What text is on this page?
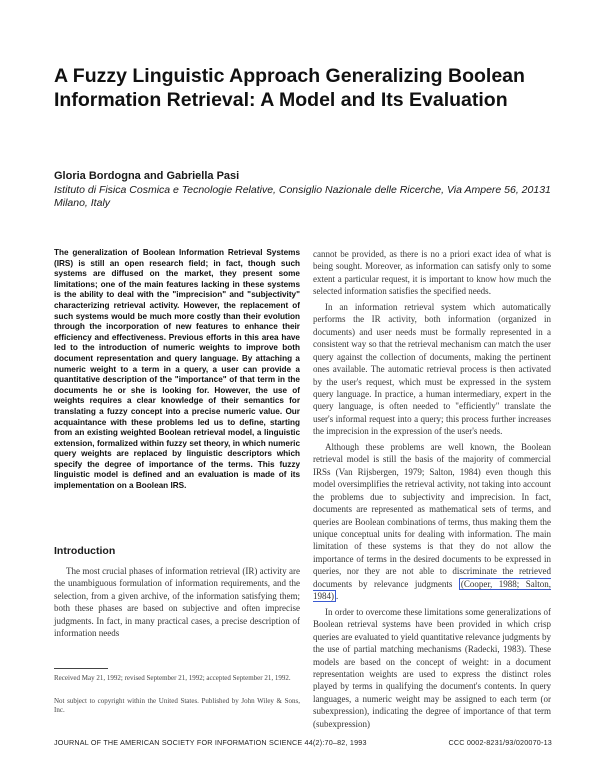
A Fuzzy Linguistic Approach Generalizing Boolean Information Retrieval: A Model and Its Evaluation
Gloria Bordogna and Gabriella Pasi
Istituto di Fisica Cosmica e Tecnologie Relative, Consiglio Nazionale delle Ricerche, Via Ampere 56, 20131 Milano, Italy
The generalization of Boolean Information Retrieval Systems (IRS) is still an open research field; in fact, though such systems are diffused on the market, they present some limitations; one of the main features lacking in these systems is the ability to deal with the "imprecision" and "subjectivity" characterizing retrieval activity. However, the replacement of such systems would be much more costly than their evolution through the incorporation of new features to enhance their efficiency and effectiveness. Previous efforts in this area have led to the introduction of numeric weights to improve both document representation and query language. By attaching a numeric weight to a term in a query, a user can provide a quantitative description of the "importance" of that term in the documents he or she is looking for. However, the use of weights requires a clear knowledge of their semantics for translating a fuzzy concept into a precise numeric value. Our acquaintance with these problems led us to define, starting from an existing weighted Boolean retrieval model, a linguistic extension, formalized within fuzzy set theory, in which numeric query weights are replaced by linguistic descriptors which specify the degree of importance of the terms. This fuzzy linguistic model is defined and an evaluation is made of its implementation on a Boolean IRS.
Introduction
The most crucial phases of information retrieval (IR) activity are the unambiguous formulation of information requirements, and the selection, from a given archive, of the information satisfying them; both these phases are based on subjective and often imprecise judgments. In fact, in many practical cases, a precise description of information needs
Received May 21, 1992; revised September 21, 1992; accepted September 21, 1992.
Not subject to copyright within the United States. Published by John Wiley & Sons, Inc.

cannot be provided, as there is no a priori exact idea of what is being sought. Moreover, as information can satisfy only to some extent a particular request, it is important to know how much the selected information satisfies the specified needs.

In an information retrieval system which automatically performs the IR activity, both information (organized in documents) and user needs must be formally represented in a consistent way so that the retrieval mechanism can match the user query against the collection of documents, making the pertinent ones available. The automatic retrieval process is then activated by the user's request, which must be expressed in the system query language. In practice, a human intermediary, expert in the query language, is often needed to "efficiently" translate the user's informal request into a query; this process further increases the imprecision in the expression of the user's needs.

Although these problems are well known, the Boolean retrieval model is still the basis of the majority of commercial IRSs (Van Rijsbergen, 1979; Salton, 1984) even though this model oversimplifies the retrieval activity, not taking into account the problems due to subjectivity and imprecision. In fact, documents are represented as mathematical sets of terms, and queries are Boolean combinations of terms, thus making them the unique conceptual units for dealing with information. The main limitation of these systems is that they do not allow the importance of terms in the desired documents to be expressed in queries, nor they are not able to discriminate the retrieved documents by relevance judgments (Cooper, 1988; Salton, 1984) .

In order to overcome these limitations some generalizations of Boolean retrieval systems have been provided in which crisp queries are evaluated to yield quantitative relevance judgments by the use of partial matching mechanisms (Radecki, 1983). These models are based on the concept of weight: in a document representation weights are used to express the distinct roles played by terms in qualifying the document's contents. In query languages, a numeric weight may be assigned to each term (or subexpression), indicating the degree of importance of that term (subexpression)

JOURNAL OF THE AMERICAN SOCIETY FOR INFORMATION SCIENCE 44(2):70–82, 1993	CCC 0002-8231/93/020070-13
